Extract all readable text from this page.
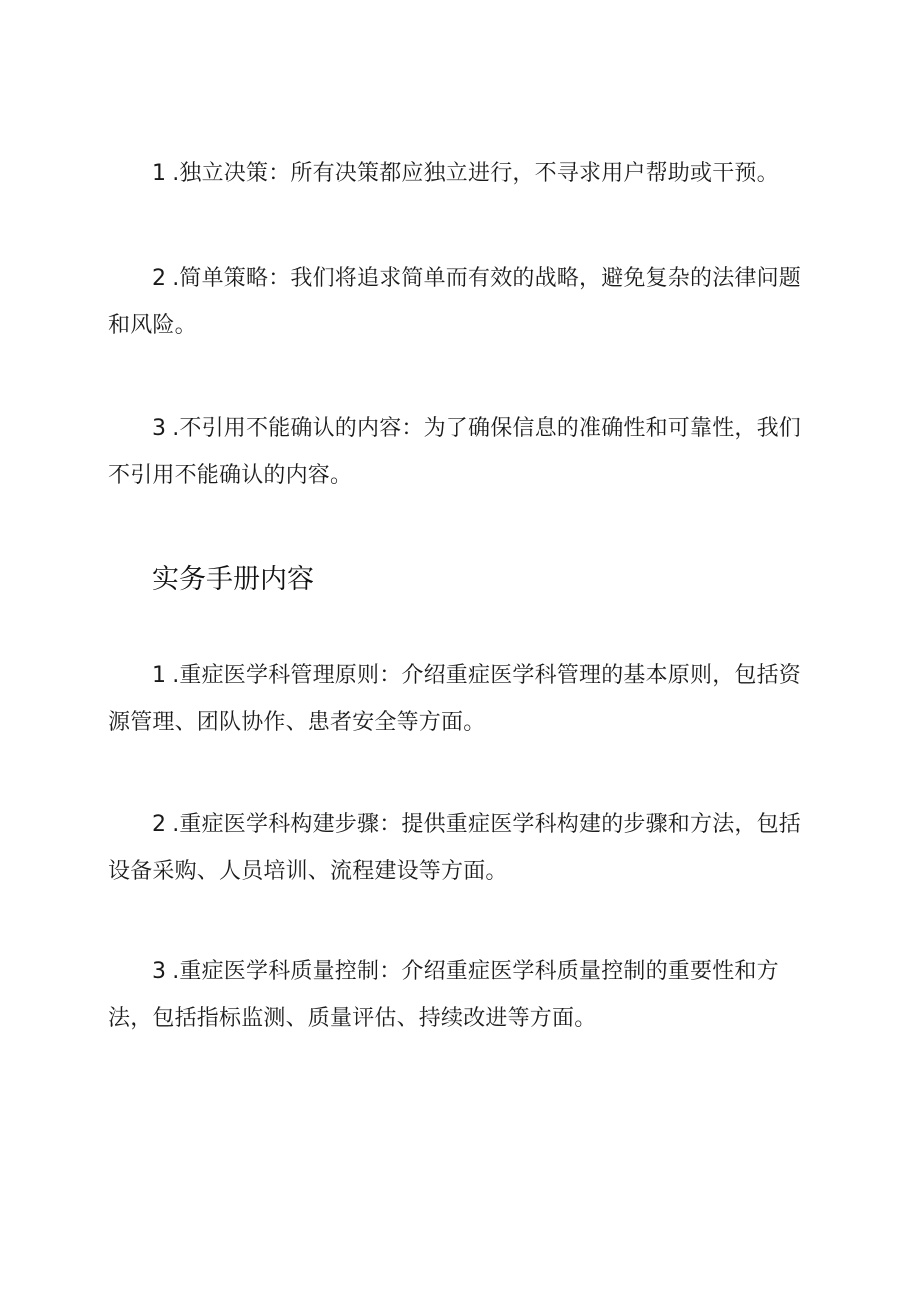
1 .独立决策：所有决策都应独立进行，不寻求用户帮助或干预。

2 .简单策略：我们将追求简单而有效的战略，避免复杂的法律问题和风险。

3 .不引用不能确认的内容：为了确保信息的准确性和可靠性，我们不引用不能确认的内容。

实务手册内容

1 .重症医学科管理原则：介绍重症医学科管理的基本原则，包括资源管理、团队协作、患者安全等方面。

2 .重症医学科构建步骤：提供重症医学科构建的步骤和方法，包括设备采购、人员培训、流程建设等方面。

3 .重症医学科质量控制：介绍重症医学科质量控制的重要性和方法，包括指标监测、质量评估、持续改进等方面。
